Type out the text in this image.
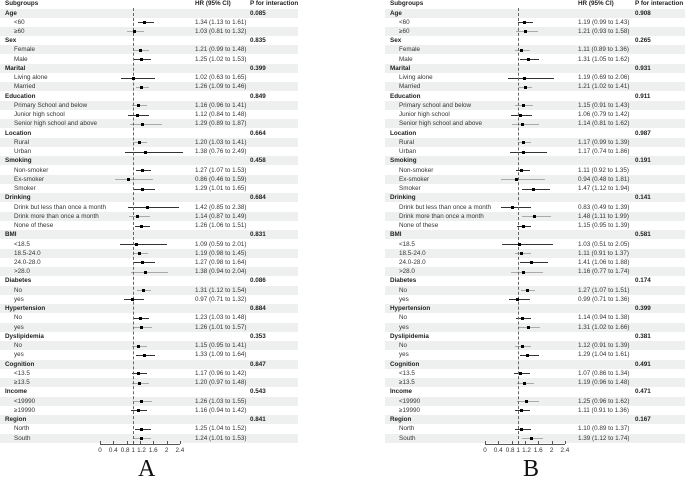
Subgroups	HR (95% CI)	P for interaction
Age	0.085
<60	1.34 (1.13 to 1.61)
≥60	1.03 (0.81 to 1.32)
Sex	0.835
Female	1.21 (0.99 to 1.48)
Male	1.25 (1.02 to 1.53)
Marital	0.399
Living alone	1.02 (0.63 to 1.65)
Married	1.26 (1.09 to 1.46)
Education	0.849
Primary School and below	1.16 (0.96 to 1.41)
Junior high school	1.12 (0.84 to 1.48)
Senior high school and above	1.29 (0.89 to 1.87)
Location	0.664
Rural	1.20 (1.03 to 1.41)
Urban	1.38 (0.76 to 2.49)
Smoking	0.458
Non-smoker	1.27 (1.07 to 1.53)
Ex-smoker	0.86 (0.46 to 1.59)
Smoker	1.29 (1.01 to 1.65)
Drinking	0.684
Drink but less than once a month	1.42 (0.85 to 2.38)
Drink more than once a month	1.14 (0.87 to 1.49)
None of these	1.26 (1.06 to 1.51)
BMI	0.831
<18.5	1.09 (0.59 to 2.01)
18.5-24.0	1.19 (0.98 to 1.45)
24.0-28.0	1.27 (0.98 to 1.64)
>28.0	1.38 (0.94 to 2.04)
Diabetes	0.086
No	1.31 (1.12 to 1.54)
yes	0.97 (0.71 to 1.32)
Hypertension	0.884
No	1.23 (1.03 to 1.48)
yes	1.26 (1.01 to 1.57)
Dyslipidemia	0.353
No	1.15 (0.95 to 1.41)
yes	1.33 (1.09 to 1.64)
Cognition	0.847
<13.5	1.17 (0.96 to 1.42)
≥13.5	1.20 (0.97 to 1.48)
Income	0.543
<19990	1.26 (1.03 to 1.55)
≥19990	1.16 (0.94 to 1.42)
Region	0.841
North	1.25 (1.04 to 1.52)
South	1.24 (1.01 to 1.53)
0 0.4 0.8 1 1.2 1.6 2 2.4
A
Subgroups	HR (95% CI)	P for interaction
Age	0.908
<60	1.19 (0.99 to 1.43)
≥60	1.21 (0.93 to 1.58)
Sex	0.265
Female	1.11 (0.89 to 1.36)
Male	1.31 (1.05 to 1.62)
Marital	0.931
Living alone	1.19 (0.69 to 2.06)
Married	1.21 (1.02 to 1.41)
Education	0.911
Primary school and below	1.15 (0.91 to 1.43)
Junior high school	1.06 (0.79 to 1.42)
Senior high school and above	1.14 (0.81 to 1.62)
Location	0.987
Rural	1.17 (0.99 to 1.39)
Urban	1.17 (0.74 to 1.86)
Smoking	0.191
Non-smoker	1.11 (0.92 to 1.35)
Ex-smoker	0.94 (0.48 to 1.81)
Smoker	1.47 (1.12 to 1.94)
Drinking	0.141
Drink but less than once a month	0.83 (0.49 to 1.39)
Drink more than once a month	1.48 (1.11 to 1.99)
None of these	1.15 (0.95 to 1.39)
BMI	0.581
<18.5	1.03 (0.51 to 2.05)
18.5-24.0	1.11 (0.91 to 1.37)
24.0-28.0	1.41 (1.06 to 1.88)
>28.0	1.16 (0.77 to 1.74)
Diabetes	0.174
No	1.27 (1.07 to 1.51)
yes	0.99 (0.71 to 1.36)
Hypertension	0.399
No	1.14 (0.94 to 1.38)
yes	1.31 (1.02 to 1.66)
Dyslipidemia	0.381
No	1.12 (0.91 to 1.39)
yes	1.29 (1.04 to 1.61)
Cognition	0.491
<13.5	1.07 (0.86 to 1.34)
≥13.5	1.19 (0.96 to 1.48)
Income	0.471
<19990	1.25 (0.96 to 1.62)
≥19990	1.11 (0.91 to 1.36)
Region	0.167
North	1.10 (0.89 to 1.37)
South	1.39 (1.12 to 1.74)
0 0.4 0.8 1 1.2 1.6 2 2.4
B
